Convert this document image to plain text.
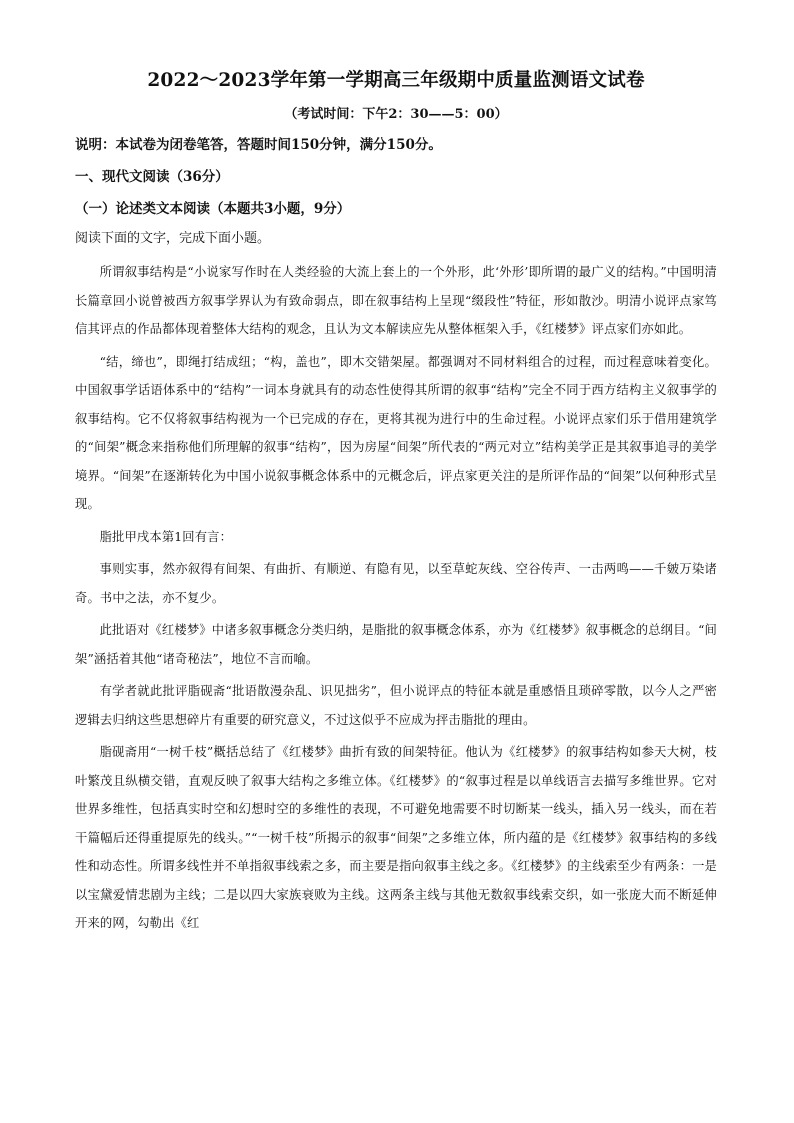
2022～2023学年第一学期高三年级期中质量监测语文试卷

（考试时间：下午2：30——5：00）

说明：本试卷为闭卷笔答，答题时间150分钟，满分150分。

一、现代文阅读（36分）

（一）论述类文本阅读（本题共3小题，9分）

阅读下面的文字，完成下面小题。

所谓叙事结构是“小说家写作时在人类经验的大流上套上的一个外形，此‘外形’即所谓的最广义的结构。”中国明清长篇章回小说曾被西方叙事学界认为有致命弱点，即在叙事结构上呈现“缀段性”特征，形如散沙。明清小说评点家笃信其评点的作品都体现着整体大结构的观念，且认为文本解读应先从整体框架入手，《红楼梦》评点家们亦如此。

“结，缔也”，即绳打结成纽；“构，盖也”，即木交错架屋。都强调对不同材料组合的过程，而过程意味着变化。中国叙事学话语体系中的“结构”一词本身就具有的动态性使得其所谓的叙事“结构”完全不同于西方结构主义叙事学的叙事结构。它不仅将叙事结构视为一个已完成的存在，更将其视为进行中的生命过程。小说评点家们乐于借用建筑学的“间架”概念来指称他们所理解的叙事“结构”，因为房屋“间架”所代表的“两元对立”结构美学正是其叙事追寻的美学境界。“间架”在逐渐转化为中国小说叙事概念体系中的元概念后，评点家更关注的是所评作品的“间架”以何种形式呈现。

脂批甲戌本第1回有言：

事则实事，然亦叙得有间架、有曲折、有顺逆、有隐有见，以至草蛇灰线、空谷传声、一击两鸣——千皴万染诸奇。书中之法，亦不复少。

此批语对《红楼梦》中诸多叙事概念分类归纳，是脂批的叙事概念体系，亦为《红楼梦》叙事概念的总纲目。“间架”涵括着其他“诸奇秘法”，地位不言而喻。

有学者就此批评脂砚斋“批语散漫杂乱、识见拙劣”，但小说评点的特征本就是重感悟且琐碎零散，以今人之严密逻辑去归纳这些思想碎片有重要的研究意义，不过这似乎不应成为抨击脂批的理由。

脂砚斋用“一树千枝”概括总结了《红楼梦》曲折有致的间架特征。他认为《红楼梦》的叙事结构如参天大树，枝叶繁茂且纵横交错，直观反映了叙事大结构之多维立体。《红楼梦》的“叙事过程是以单线语言去描写多维世界。它对世界多维性，包括真实时空和幻想时空的多维性的表现，不可避免地需要不时切断某一线头，插入另一线头，而在若干篇幅后还得重提原先的线头。”“一树千枝”所揭示的叙事“间架”之多维立体，所内蕴的是《红楼梦》叙事结构的多线性和动态性。所谓多线性并不单指叙事线索之多，而主要是指向叙事主线之多。《红楼梦》的主线索至少有两条：一是以宝黛爱情悲剧为主线；二是以四大家族衰败为主线。这两条主线与其他无数叙事线索交织，如一张庞大而不断延伸开来的网，勾勒出《红
